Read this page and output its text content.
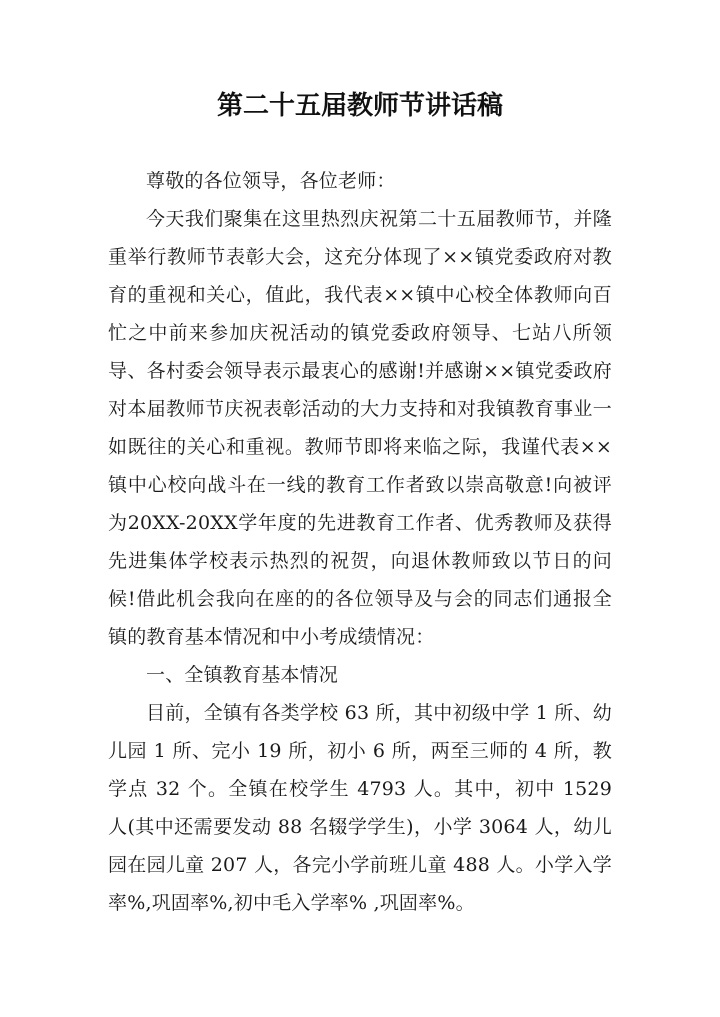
第二十五届教师节讲话稿

尊敬的各位领导，各位老师：

今天我们聚集在这里热烈庆祝第二十五届教师节，并隆重举行教师节表彰大会，这充分体现了××镇党委政府对教育的重视和关心，值此，我代表××镇中心校全体教师向百忙之中前来参加庆祝活动的镇党委政府领导、七站八所领导、各村委会领导表示最衷心的感谢!并感谢××镇党委政府对本届教师节庆祝表彰活动的大力支持和对我镇教育事业一如既往的关心和重视。教师节即将来临之际，我谨代表××镇中心校向战斗在一线的教育工作者致以崇高敬意!向被评为20XX-20XX学年度的先进教育工作者、优秀教师及获得先进集体学校表示热烈的祝贺，向退休教师致以节日的问候!借此机会我向在座的的各位领导及与会的同志们通报全镇的教育基本情况和中小考成绩情况：

一、全镇教育基本情况

目前，全镇有各类学校 63 所，其中初级中学 1 所、幼儿园 1 所、完小 19 所，初小 6 所，两至三师的 4 所，教学点 32 个。全镇在校学生 4793 人。其中，初中 1529 人(其中还需要发动 88 名辍学学生)，小学 3064 人，幼儿园在园儿童 207 人，各完小学前班儿童 488 人。小学入学率%,巩固率%,初中毛入学率% ,巩固率%。
